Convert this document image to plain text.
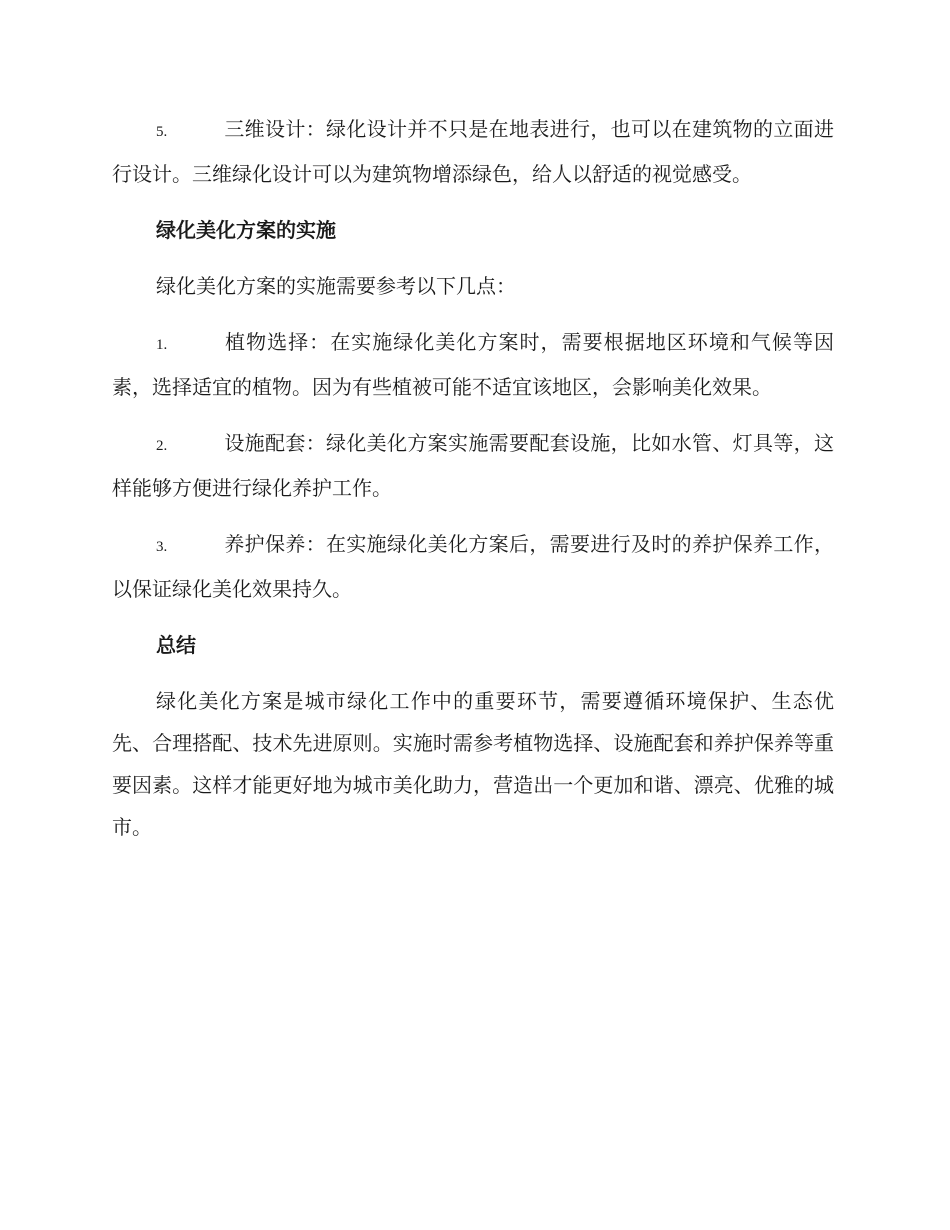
5.	三维设计：绿化设计并不只是在地表进行，也可以在建筑物的立面进行设计。三维绿化设计可以为建筑物增添绿色，给人以舒适的视觉感受。

绿化美化方案的实施

绿化美化方案的实施需要参考以下几点：

1.	植物选择：在实施绿化美化方案时，需要根据地区环境和气候等因素，选择适宜的植物。因为有些植被可能不适宜该地区，会影响美化效果。

2.	设施配套：绿化美化方案实施需要配套设施，比如水管、灯具等，这样能够方便进行绿化养护工作。

3.	养护保养：在实施绿化美化方案后，需要进行及时的养护保养工作，以保证绿化美化效果持久。

总结

绿化美化方案是城市绿化工作中的重要环节，需要遵循环境保护、生态优先、合理搭配、技术先进原则。实施时需参考植物选择、设施配套和养护保养等重要因素。这样才能更好地为城市美化助力，营造出一个更加和谐、漂亮、优雅的城市。
